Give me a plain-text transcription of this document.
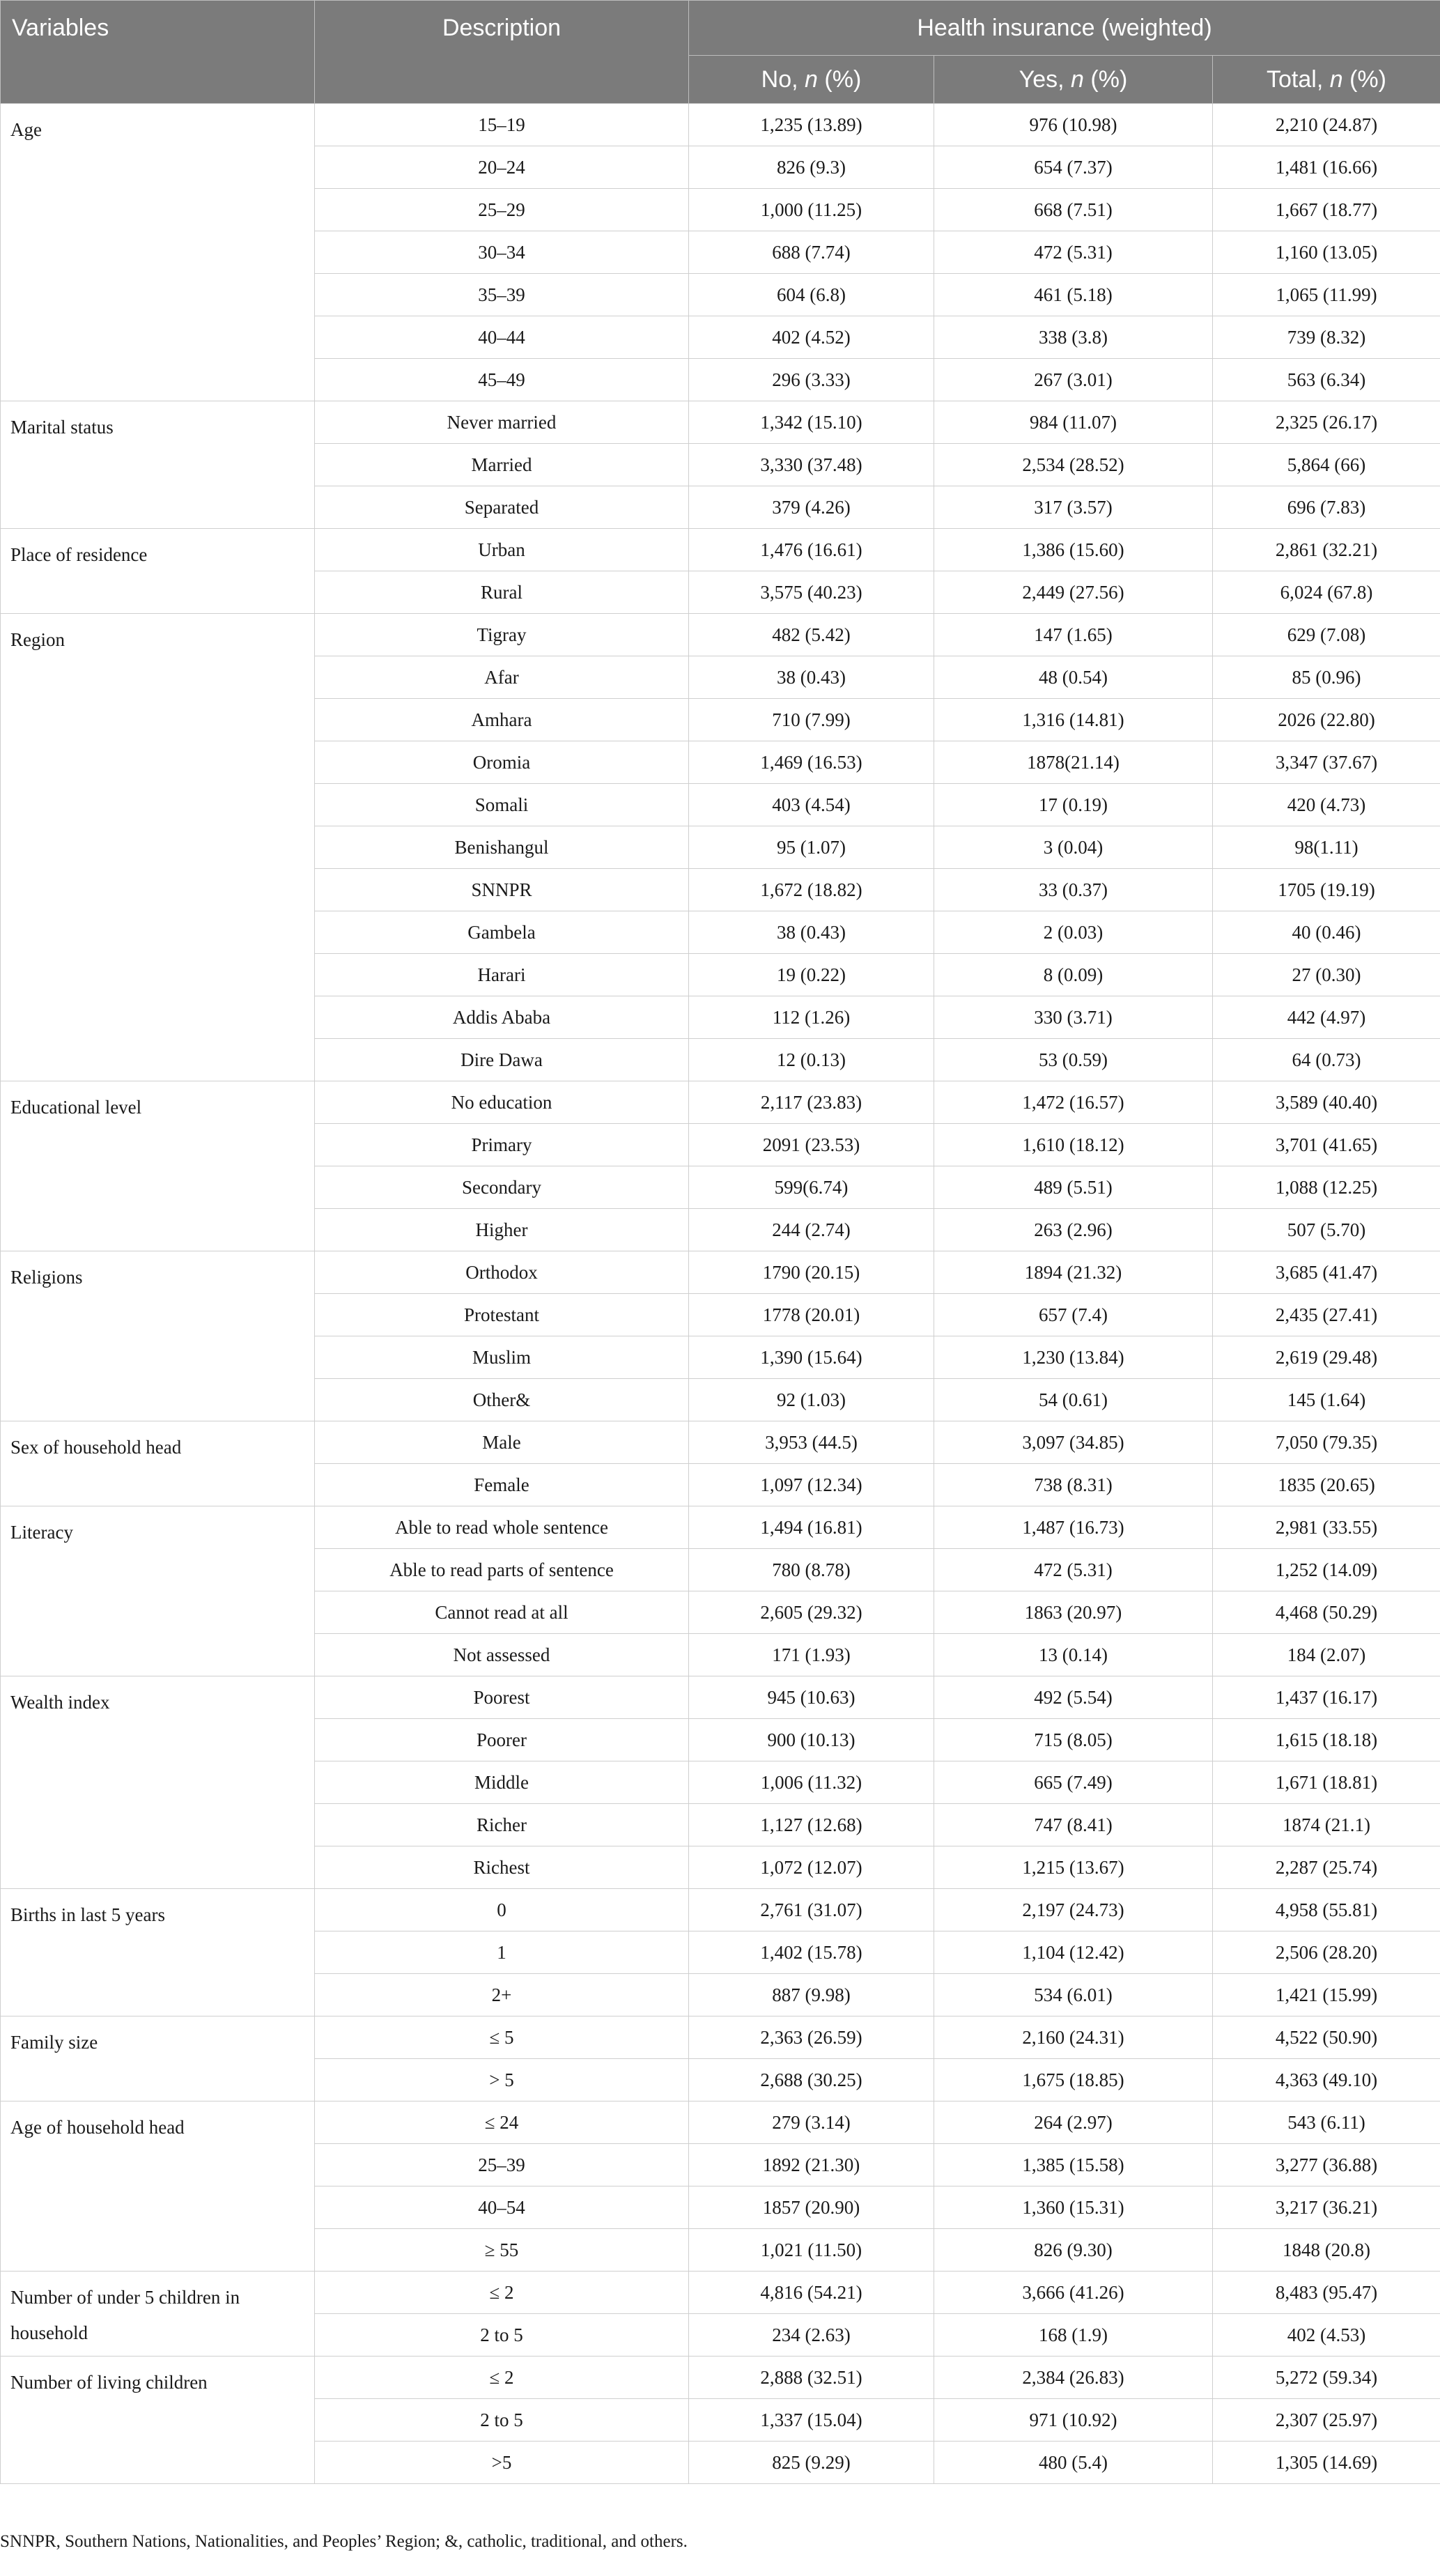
Variables	Description	Health insurance (weighted)		
		No, n (%)	Yes, n (%)	Total, n (%)
Age	15–19	1,235 (13.89)	976 (10.98)	2,210 (24.87)
	20–24	826 (9.3)	654 (7.37)	1,481 (16.66)
	25–29	1,000 (11.25)	668 (7.51)	1,667 (18.77)
	30–34	688 (7.74)	472 (5.31)	1,160 (13.05)
	35–39	604 (6.8)	461 (5.18)	1,065 (11.99)
	40–44	402 (4.52)	338 (3.8)	739 (8.32)
	45–49	296 (3.33)	267 (3.01)	563 (6.34)
Marital status	Never married	1,342 (15.10)	984 (11.07)	2,325 (26.17)
	Married	3,330 (37.48)	2,534 (28.52)	5,864 (66)
	Separated	379 (4.26)	317 (3.57)	696 (7.83)
Place of residence	Urban	1,476 (16.61)	1,386 (15.60)	2,861 (32.21)
	Rural	3,575 (40.23)	2,449 (27.56)	6,024 (67.8)
Region	Tigray	482 (5.42)	147 (1.65)	629 (7.08)
	Afar	38 (0.43)	48 (0.54)	85 (0.96)
	Amhara	710 (7.99)	1,316 (14.81)	2026 (22.80)
	Oromia	1,469 (16.53)	1878(21.14)	3,347 (37.67)
	Somali	403 (4.54)	17 (0.19)	420 (4.73)
	Benishangul	95 (1.07)	3 (0.04)	98(1.11)
	SNNPR	1,672 (18.82)	33 (0.37)	1705 (19.19)
	Gambela	38 (0.43)	2 (0.03)	40 (0.46)
	Harari	19 (0.22)	8 (0.09)	27 (0.30)
	Addis Ababa	112 (1.26)	330 (3.71)	442 (4.97)
	Dire Dawa	12 (0.13)	53 (0.59)	64 (0.73)
Educational level	No education	2,117 (23.83)	1,472 (16.57)	3,589 (40.40)
	Primary	2091 (23.53)	1,610 (18.12)	3,701 (41.65)
	Secondary	599(6.74)	489 (5.51)	1,088 (12.25)
	Higher	244 (2.74)	263 (2.96)	507 (5.70)
Religions	Orthodox	1790 (20.15)	1894 (21.32)	3,685 (41.47)
	Protestant	1778 (20.01)	657 (7.4)	2,435 (27.41)
	Muslim	1,390 (15.64)	1,230 (13.84)	2,619 (29.48)
	Other&	92 (1.03)	54 (0.61)	145 (1.64)
Sex of household head	Male	3,953 (44.5)	3,097 (34.85)	7,050 (79.35)
	Female	1,097 (12.34)	738 (8.31)	1835 (20.65)
Literacy	Able to read whole sentence	1,494 (16.81)	1,487 (16.73)	2,981 (33.55)
	Able to read parts of sentence	780 (8.78)	472 (5.31)	1,252 (14.09)
	Cannot read at all	2,605 (29.32)	1863 (20.97)	4,468 (50.29)
	Not assessed	171 (1.93)	13 (0.14)	184 (2.07)
Wealth index	Poorest	945 (10.63)	492 (5.54)	1,437 (16.17)
	Poorer	900 (10.13)	715 (8.05)	1,615 (18.18)
	Middle	1,006 (11.32)	665 (7.49)	1,671 (18.81)
	Richer	1,127 (12.68)	747 (8.41)	1874 (21.1)
	Richest	1,072 (12.07)	1,215 (13.67)	2,287 (25.74)
Births in last 5 years	0	2,761 (31.07)	2,197 (24.73)	4,958 (55.81)
	1	1,402 (15.78)	1,104 (12.42)	2,506 (28.20)
	2+	887 (9.98)	534 (6.01)	1,421 (15.99)
Family size	≤ 5	2,363 (26.59)	2,160 (24.31)	4,522 (50.90)
	> 5	2,688 (30.25)	1,675 (18.85)	4,363 (49.10)
Age of household head	≤ 24	279 (3.14)	264 (2.97)	543 (6.11)
	25–39	1892 (21.30)	1,385 (15.58)	3,277 (36.88)
	40–54	1857 (20.90)	1,360 (15.31)	3,217 (36.21)
	≥ 55	1,021 (11.50)	826 (9.30)	1848 (20.8)
Number of under 5 children in household	≤ 2	4,816 (54.21)	3,666 (41.26)	8,483 (95.47)
	2 to 5	234 (2.63)	168 (1.9)	402 (4.53)
Number of living children	≤ 2	2,888 (32.51)	2,384 (26.83)	5,272 (59.34)
	2 to 5	1,337 (15.04)	971 (10.92)	2,307 (25.97)
	>5	825 (9.29)	480 (5.4)	1,305 (14.69)
SNNPR, Southern Nations, Nationalities, and Peoples’ Region; &, catholic, traditional, and others.
